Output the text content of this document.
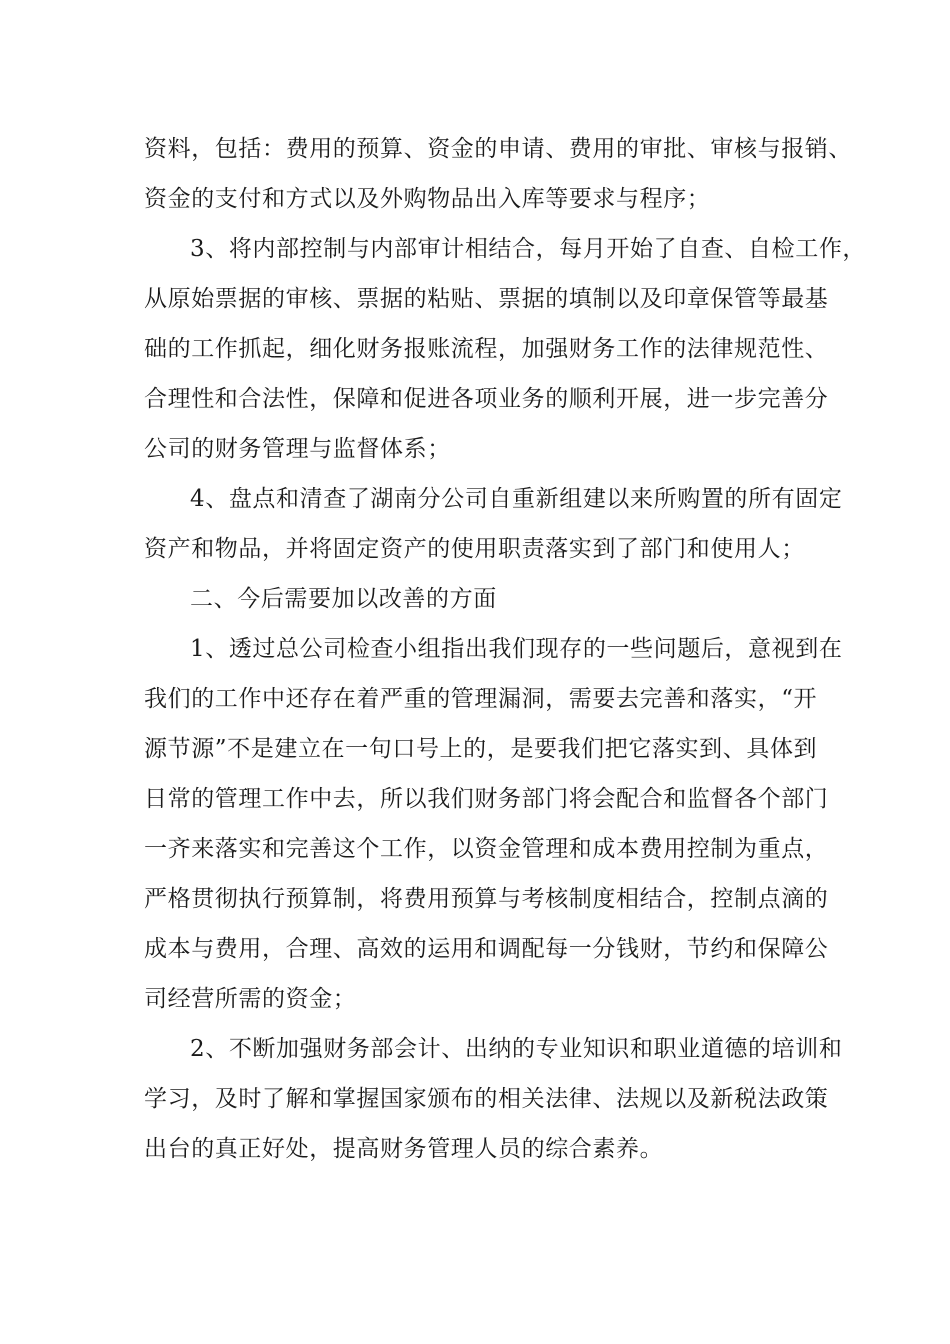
资料，包括：费用的预算、资金的申请、费用的审批、审核与报销、

资金的支付和方式以及外购物品出入库等要求与程序；

3、将内部控制与内部审计相结合，每月开始了自查、自检工作，

从原始票据的审核、票据的粘贴、票据的填制以及印章保管等最基

础的工作抓起，细化财务报账流程，加强财务工作的法律规范性、

合理性和合法性，保障和促进各项业务的顺利开展，进一步完善分

公司的财务管理与监督体系；

4、盘点和清查了湖南分公司自重新组建以来所购置的所有固定

资产和物品，并将固定资产的使用职责落实到了部门和使用人；

二、今后需要加以改善的方面

1、透过总公司检查小组指出我们现存的一些问题后，意视到在

我们的工作中还存在着严重的管理漏洞，需要去完善和落实，“开

源节源”不是建立在一句口号上的，是要我们把它落实到、具体到

日常的管理工作中去，所以我们财务部门将会配合和监督各个部门

一齐来落实和完善这个工作，以资金管理和成本费用控制为重点，

严格贯彻执行预算制，将费用预算与考核制度相结合，控制点滴的

成本与费用，合理、高效的运用和调配每一分钱财，节约和保障公

司经营所需的资金；

2、不断加强财务部会计、出纳的专业知识和职业道德的培训和

学习，及时了解和掌握国家颁布的相关法律、法规以及新税法政策

出台的真正好处，提高财务管理人员的综合素养。
